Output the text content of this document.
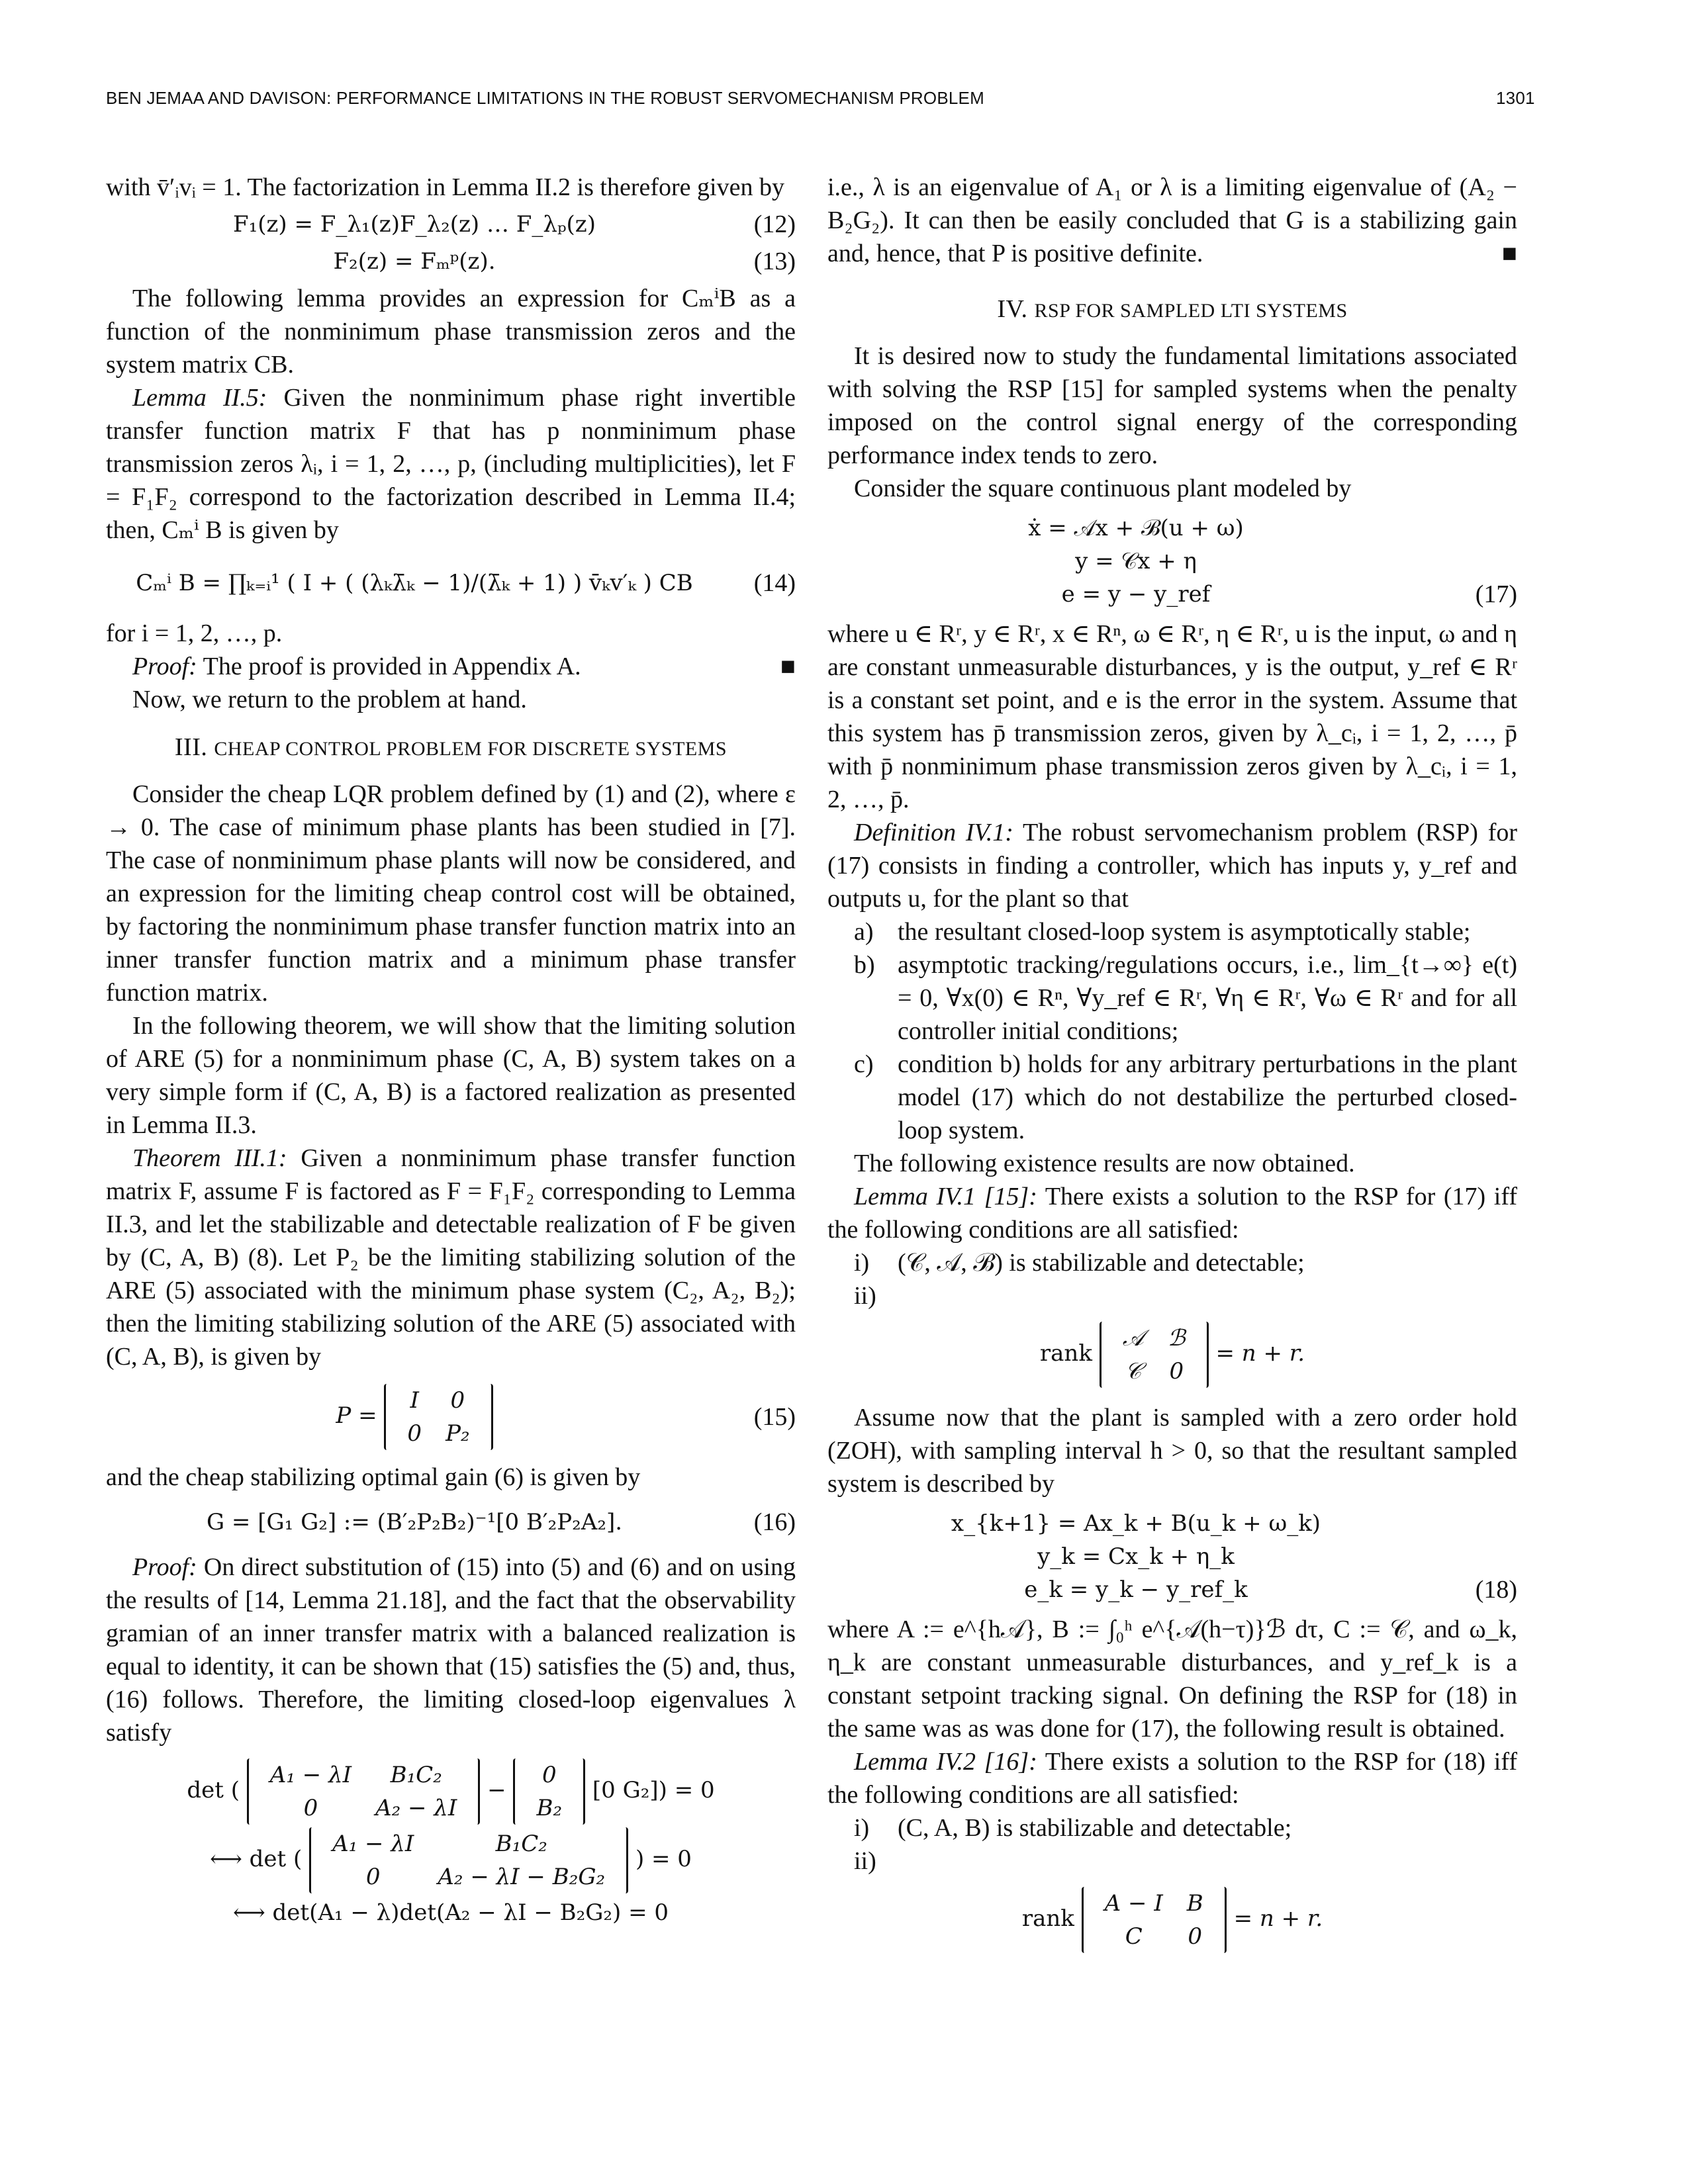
BEN JEMAA AND DAVISON: PERFORMANCE LIMITATIONS IN THE ROBUST SERVOMECHANISM PROBLEM	1301

with v̄′ᵢvᵢ = 1. The factorization in Lemma II.2 is therefore given by

F₁(z) = F_λ₁(z)F_λ₂(z) … F_λₚ(z)	(12)
F₂(z) = Fₘᵖ(z).	(13)

The following lemma provides an expression for CₘⁱB as a function of the nonminimum phase transmission zeros and the system matrix CB.

Lemma II.5: Given the nonminimum phase right invertible transfer function matrix F that has p nonminimum phase transmission zeros λᵢ, i = 1, 2, …, p, (including multiplicities), let F = F₁F₂ correspond to the factorization described in Lemma II.4; then, Cₘⁱ B is given by

Cₘⁱ B = ∏ₖ₌ᵢ¹ ( I + ( (λₖλ̄ₖ − 1)/(λ̄ₖ + 1) ) v̄ₖv′ₖ ) CB	(14)

for i = 1, 2, …, p.

Proof: The proof is provided in Appendix A.	■

Now, we return to the problem at hand.

III. CHEAP CONTROL PROBLEM FOR DISCRETE SYSTEMS

Consider the cheap LQR problem defined by (1) and (2), where ε → 0. The case of minimum phase plants has been studied in [7]. The case of nonminimum phase plants will now be considered, and an expression for the limiting cheap control cost will be obtained, by factoring the nonminimum phase transfer function matrix into an inner transfer function matrix and a minimum phase transfer function matrix.

In the following theorem, we will show that the limiting solution of ARE (5) for a nonminimum phase (C, A, B) system takes on a very simple form if (C, A, B) is a factored realization as presented in Lemma II.3.

Theorem III.1: Given a nonminimum phase transfer function matrix F, assume F is factored as F = F₁F₂ corresponding to Lemma II.3, and let the stabilizable and detectable realization of F be given by (C, A, B) (8). Let P₂ be the limiting stabilizing solution of the ARE (5) associated with the minimum phase system (C₂, A₂, B₂); then the limiting stabilizing solution of the ARE (5) associated with (C, A, B), is given by

P =
I	0
0	P₂
(15)

and the cheap stabilizing optimal gain (6) is given by

G = [G₁ G₂] := (B′₂P₂B₂)⁻¹[0 B′₂P₂A₂].	(16)

Proof: On direct substitution of (15) into (5) and (6) and on using the results of [14, Lemma 21.18], and the fact that the observability gramian of an inner transfer matrix with a balanced realization is equal to identity, it can be shown that (15) satisfies the (5) and, thus, (16) follows. Therefore, the limiting closed-loop eigenvalues λ satisfy

det (
A₁ − λI	B₁C₂
0	A₂ − λI
−
0
B₂
[0 G₂]) = 0
⟷ det (
A₁ − λI	B₁C₂
0	A₂ − λI − B₂G₂
) = 0
⟷ det(A₁ − λ)det(A₂ − λI − B₂G₂) = 0

i.e., λ is an eigenvalue of A₁ or λ is a limiting eigenvalue of (A₂ − B₂G₂). It can then be easily concluded that G is a stabilizing gain and, hence, that P is positive definite.	■

IV. RSP FOR SAMPLED LTI SYSTEMS

It is desired now to study the fundamental limitations associated with solving the RSP [15] for sampled systems when the penalty imposed on the control signal energy of the corresponding performance index tends to zero.

Consider the square continuous plant modeled by

ẋ = 𝒜x + ℬ(u + ω)
y = 𝒞x + η
e = y − y_ref	(17)

where u ∈ Rʳ, y ∈ Rʳ, x ∈ Rⁿ, ω ∈ Rʳ, η ∈ Rʳ, u is the input, ω and η are constant unmeasurable disturbances, y is the output, y_ref ∈ Rʳ is a constant set point, and e is the error in the system. Assume that this system has p̄ transmission zeros, given by λ_cᵢ, i = 1, 2, …, p̄ with p̄ nonminimum phase transmission zeros given by λ_cᵢ, i = 1, 2, …, p̄.

Definition IV.1: The robust servomechanism problem (RSP) for (17) consists in finding a controller, which has inputs y, y_ref and outputs u, for the plant so that

a) the resultant closed-loop system is asymptotically stable;
b) asymptotic tracking/regulations occurs, i.e., lim_{t→∞} e(t) = 0, ∀x(0) ∈ Rⁿ, ∀y_ref ∈ Rʳ, ∀η ∈ Rʳ, ∀ω ∈ Rʳ and for all controller initial conditions;
c) condition b) holds for any arbitrary perturbations in the plant model (17) which do not destabilize the perturbed closed-loop system.

The following existence results are now obtained.

Lemma IV.1 [15]: There exists a solution to the RSP for (17) iff the following conditions are all satisfied:

i)	(𝒞, 𝒜, ℬ) is stabilizable and detectable;
ii)
rank
𝒜	ℬ
𝒞	0
= n + r.

Assume now that the plant is sampled with a zero order hold (ZOH), with sampling interval h > 0, so that the resultant sampled system is described by

x_{k+1} = Ax_k + B(u_k + ω_k)
y_k = Cx_k + η_k
e_k = y_k − y_ref_k	(18)

where A := e^{h𝒜}, B := ∫₀ʰ e^{𝒜(h−τ)}ℬ dτ, C := 𝒞, and ω_k, η_k are constant unmeasurable disturbances, and y_ref_k is a constant setpoint tracking signal. On defining the RSP for (18) in the same was as was done for (17), the following result is obtained.

Lemma IV.2 [16]: There exists a solution to the RSP for (18) iff the following conditions are all satisfied:

i)	(C, A, B) is stabilizable and detectable;
ii)
rank
A − I	B
C	0
= n + r.
